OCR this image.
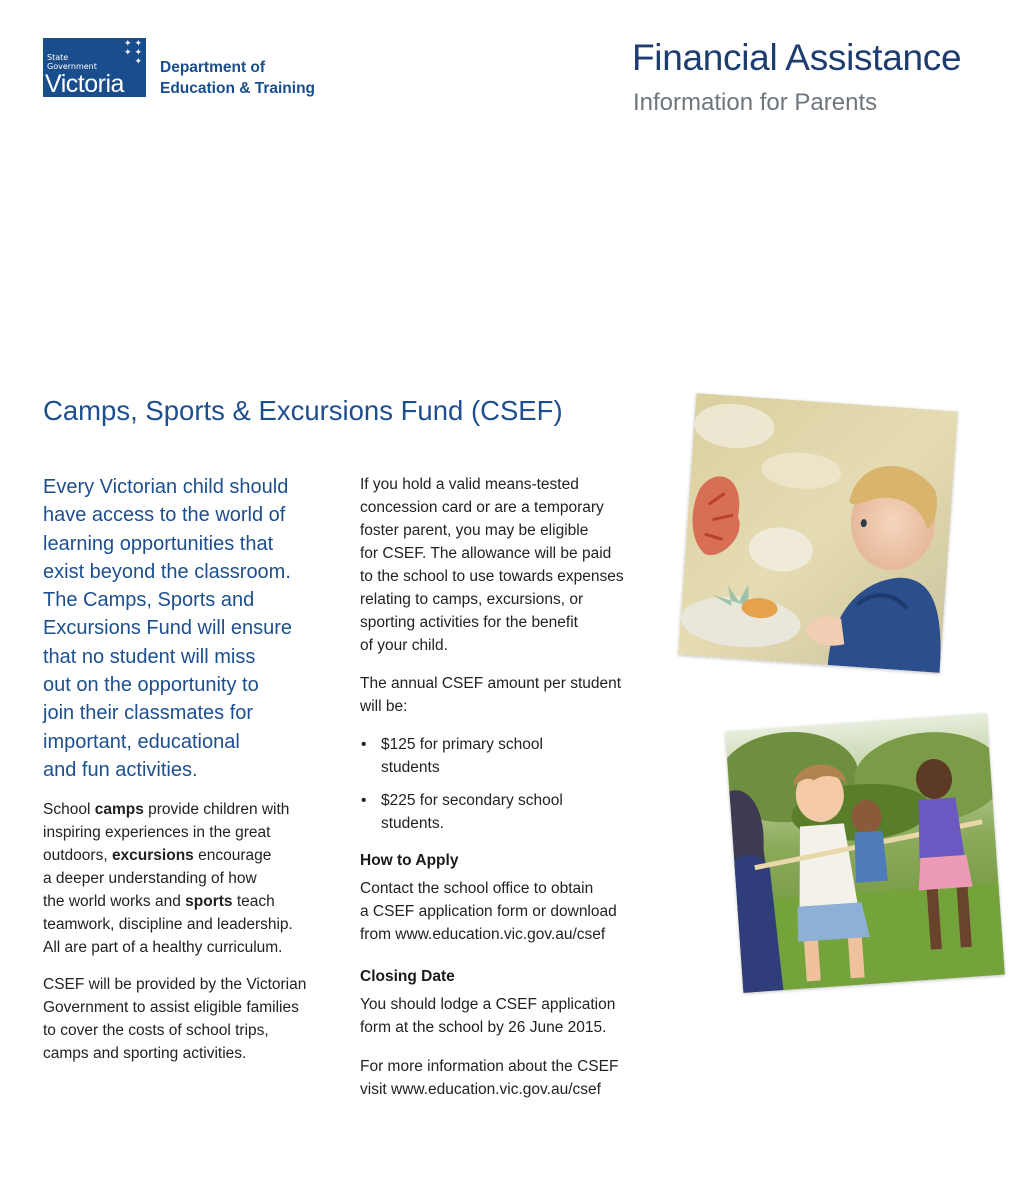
✦ ✦
✦ ✦
✦
State
Government
Victoria
Department of
Education & Training
Financial Assistance
Information for Parents
Camps, Sports & Excursions Fund (CSEF)
Every Victorian child should
have access to the world of
learning opportunities that
exist beyond the classroom.
The Camps, Sports and
Excursions Fund will ensure
that no student will miss
out on the opportunity to
join their classmates for
important, educational
and fun activities.
School camps provide children with
inspiring experiences in the great
outdoors, excursions encourage
a deeper understanding of how
the world works and sports teach
teamwork, discipline and leadership.
All are part of a healthy curriculum.
CSEF will be provided by the Victorian
Government to assist eligible families
to cover the costs of school trips,
camps and sporting activities.
If you hold a valid means-tested
concession card or are a temporary
foster parent, you may be eligible
for CSEF. The allowance will be paid
to the school to use towards expenses
relating to camps, excursions, or
sporting activities for the benefit
of your child.
The annual CSEF amount per student
will be:
• $125 for primary school
students
• $225 for secondary school
students.
How to Apply
Contact the school office to obtain
a CSEF application form or download
from www.education.vic.gov.au/csef
Closing Date
You should lodge a CSEF application
form at the school by 26 June 2015.
For more information about the CSEF
visit www.education.vic.gov.au/csef
